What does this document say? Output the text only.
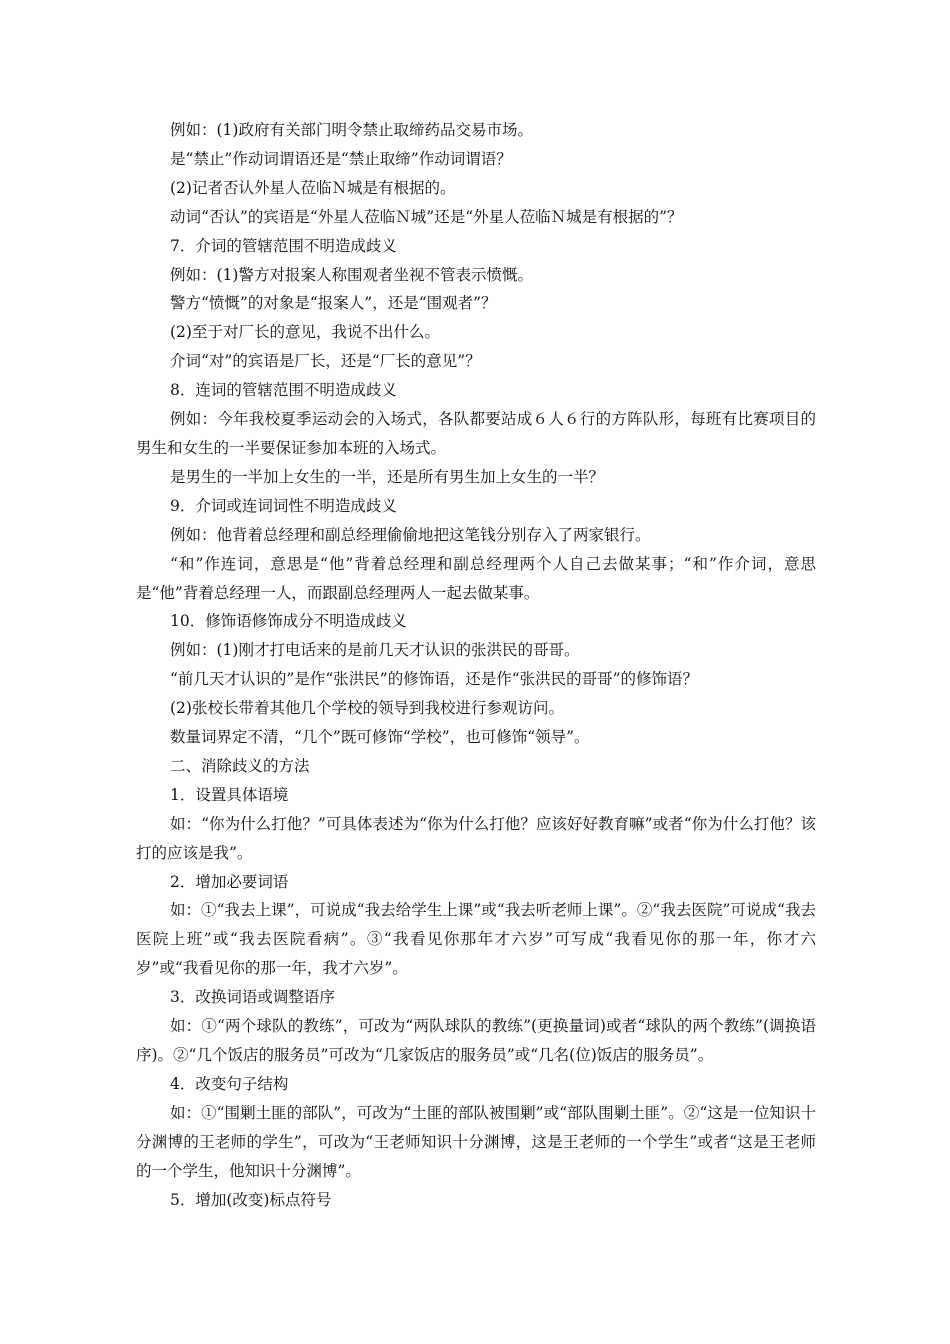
例如：(1)政府有关部门明令禁止取缔药品交易市场。

是“禁止”作动词谓语还是“禁止取缔”作动词谓语？

(2)记者否认外星人莅临Ｎ城是有根据的。

动词“否认”的宾语是“外星人莅临Ｎ城”还是“外星人莅临Ｎ城是有根据的”？

7．介词的管辖范围不明造成歧义

例如：(1)警方对报案人称围观者坐视不管表示愤慨。

警方“愤慨”的对象是“报案人”，还是“围观者”？

(2)至于对厂长的意见，我说不出什么。

介词“对”的宾语是厂长，还是“厂长的意见”？

8．连词的管辖范围不明造成歧义

例如：今年我校夏季运动会的入场式，各队都要站成６人６行的方阵队形，每班有比赛项目的男生和女生的一半要保证参加本班的入场式。

是男生的一半加上女生的一半，还是所有男生加上女生的一半？

9．介词或连词词性不明造成歧义

例如：他背着总经理和副总经理偷偷地把这笔钱分别存入了两家银行。

“和”作连词，意思是“他”背着总经理和副总经理两个人自己去做某事；“和”作介词，意思是“他”背着总经理一人，而跟副总经理两人一起去做某事。

10．修饰语修饰成分不明造成歧义

例如：(1)刚才打电话来的是前几天才认识的张洪民的哥哥。

“前几天才认识的”是作“张洪民”的修饰语，还是作“张洪民的哥哥”的修饰语？

(2)张校长带着其他几个学校的领导到我校进行参观访问。

数量词界定不清，“几个”既可修饰“学校”，也可修饰“领导”。

二、消除歧义的方法

1．设置具体语境

如：“你为什么打他？”可具体表述为“你为什么打他？应该好好教育嘛”或者“你为什么打他？该打的应该是我”。

2．增加必要词语

如：①“我去上课”，可说成“我去给学生上课”或“我去听老师上课”。②“我去医院”可说成“我去医院上班”或“我去医院看病”。③“我看见你那年才六岁”可写成“我看见你的那一年，你才六岁”或“我看见你的那一年，我才六岁”。

3．改换词语或调整语序

如：①“两个球队的教练”，可改为“两队球队的教练”(更换量词)或者“球队的两个教练”(调换语序)。②“几个饭店的服务员”可改为“几家饭店的服务员”或“几名(位)饭店的服务员”。

4．改变句子结构

如：①“围剿土匪的部队”，可改为“土匪的部队被围剿”或“部队围剿土匪”。②“这是一位知识十分渊博的王老师的学生”，可改为“王老师知识十分渊博，这是王老师的一个学生”或者“这是王老师的一个学生，他知识十分渊博”。

5．增加(改变)标点符号
